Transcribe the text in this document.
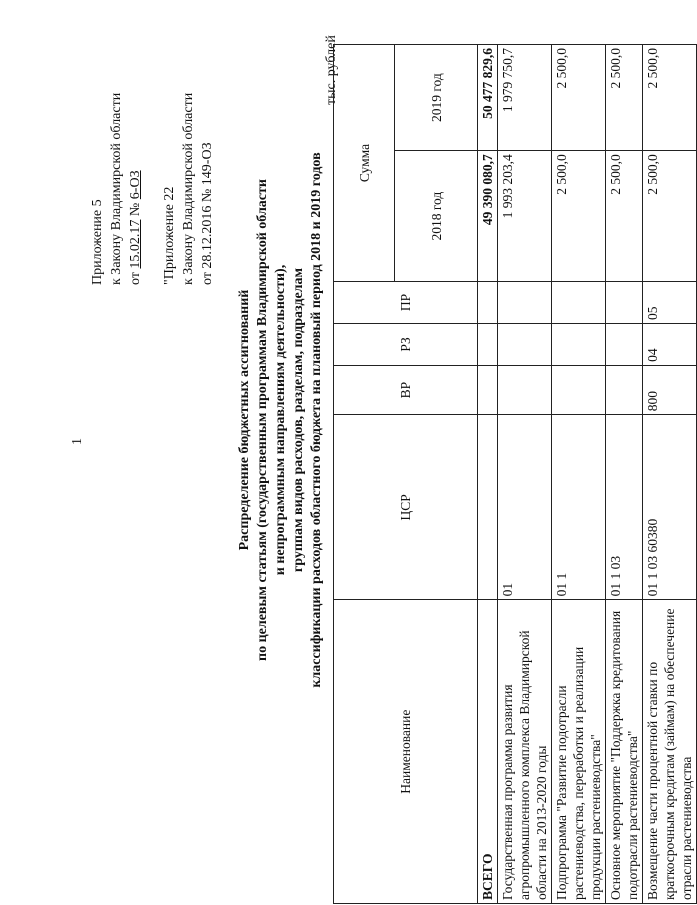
Приложение 5 к Закону Владимирской области от 15.02.17 № 6-ОЗ
"Приложение 22 к Закону Владимирской области от 28.12.2016 № 149-ОЗ
1	Распределение бюджетных ассигнований по целевым статьям (государственным программам Владимирской области и непрограммным направлениям деятельности), группам видов расходов, разделам, подразделам классификации расходов областного бюджета на плановый период 2018 и 2019 годов
тыс. рублей
Наименование	ЦСР	ВР	РЗ	ПР	Сумма	
					2018 год	2019 год
ВСЕГО					49 390 080,7	50 477 829,6
Государственная программа развития агропромышленного комплекса Владимирской области на 2013-2020 годы	01				1 993 203,4	1 979 750,7
Подпрограмма "Развитие подотрасли растениеводства, переработки и реализации продукции растениеводства"	01 1				2 500,0	2 500,0
Основное мероприятие "Поддержка кредитования подотрасли растениеводства"	01 1 03				2 500,0	2 500,0
Возмещение части процентной ставки по краткосрочным кредитам (займам) на обеспечение отрасли растениеводства	01 1 03 60380	800	04	05	2 500,0	2 500,0
